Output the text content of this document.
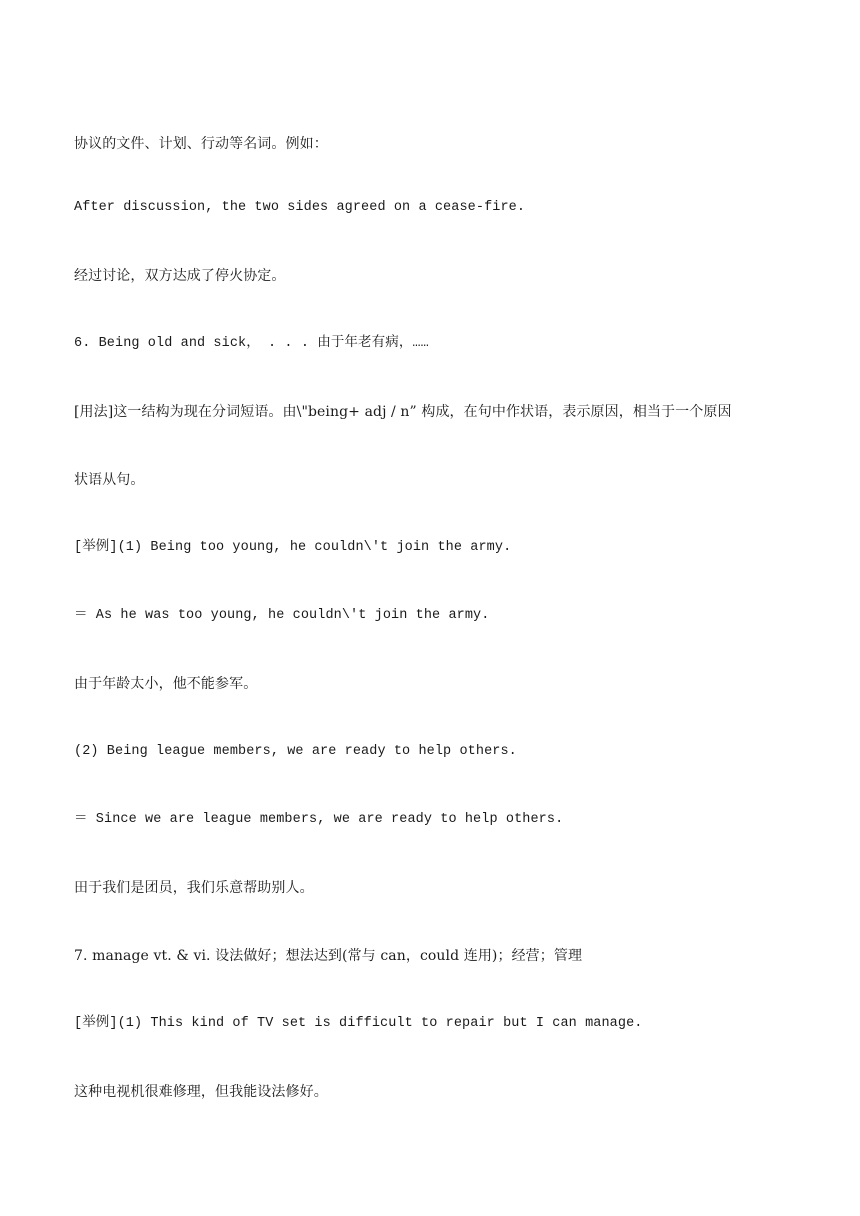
协议的文件、计划、行动等名词。例如：
After discussion, the two sides agreed on a cease-fire.
经过讨论，双方达成了停火协定。
6. Being old and sick， . . . 由于年老有病，……
[用法]这一结构为现在分词短语。由\"being+ adj / n” 构成，在句中作状语，表示原因，相当于一个原因
状语从句。
[举例](1) Being too young, he couldn\'t join the army.
＝ As he was too young, he couldn\'t join the army.
由于年龄太小，他不能参军。
(2) Being league members, we are ready to help others.
＝ Since we are league members, we are ready to help others.
田于我们是团员，我们乐意帮助别人。
7. manage vt. & vi. 设法做好；想法达到(常与 can，could 连用)；经营；管理
[举例](1) This kind of TV set is difficult to repair but I can manage.
这种电视机很难修理，但我能设法修好。
